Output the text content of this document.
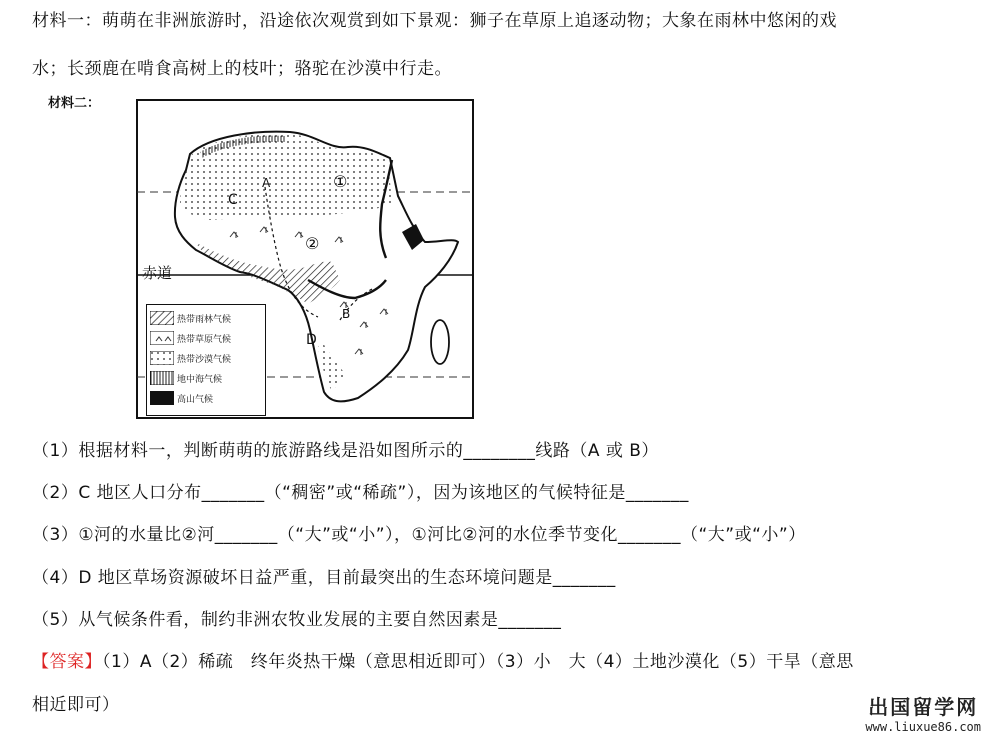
材料一：萌萌在非洲旅游时，沿途依次观赏到如下景观：狮子在草原上追逐动物；大象在雨林中悠闲的戏
水；长颈鹿在啃食高树上的枝叶；骆驼在沙漠中行走。
材料二：
赤道
A
B
C
D
①
②
热带雨林气候
热带草原气候
热带沙漠气候
地中海气候
高山气候
（1）根据材料一，判断萌萌的旅游路线是沿如图所示的________线路（A 或 B）
（2）C 地区人口分布_______（“稠密”或“稀疏”），因为该地区的气候特征是_______
（3）①河的水量比②河_______（“大”或“小”），①河比②河的水位季节变化_______（“大”或“小”）
（4）D 地区草场资源破坏日益严重，目前最突出的生态环境问题是_______
（5）从气候条件看，制约非洲农牧业发展的主要自然因素是_______
【答案】（1）A（2）稀疏　终年炎热干燥（意思相近即可）（3）小　大（4）土地沙漠化（5）干旱（意思
相近即可）	出国留学网
www.liuxue86.com
